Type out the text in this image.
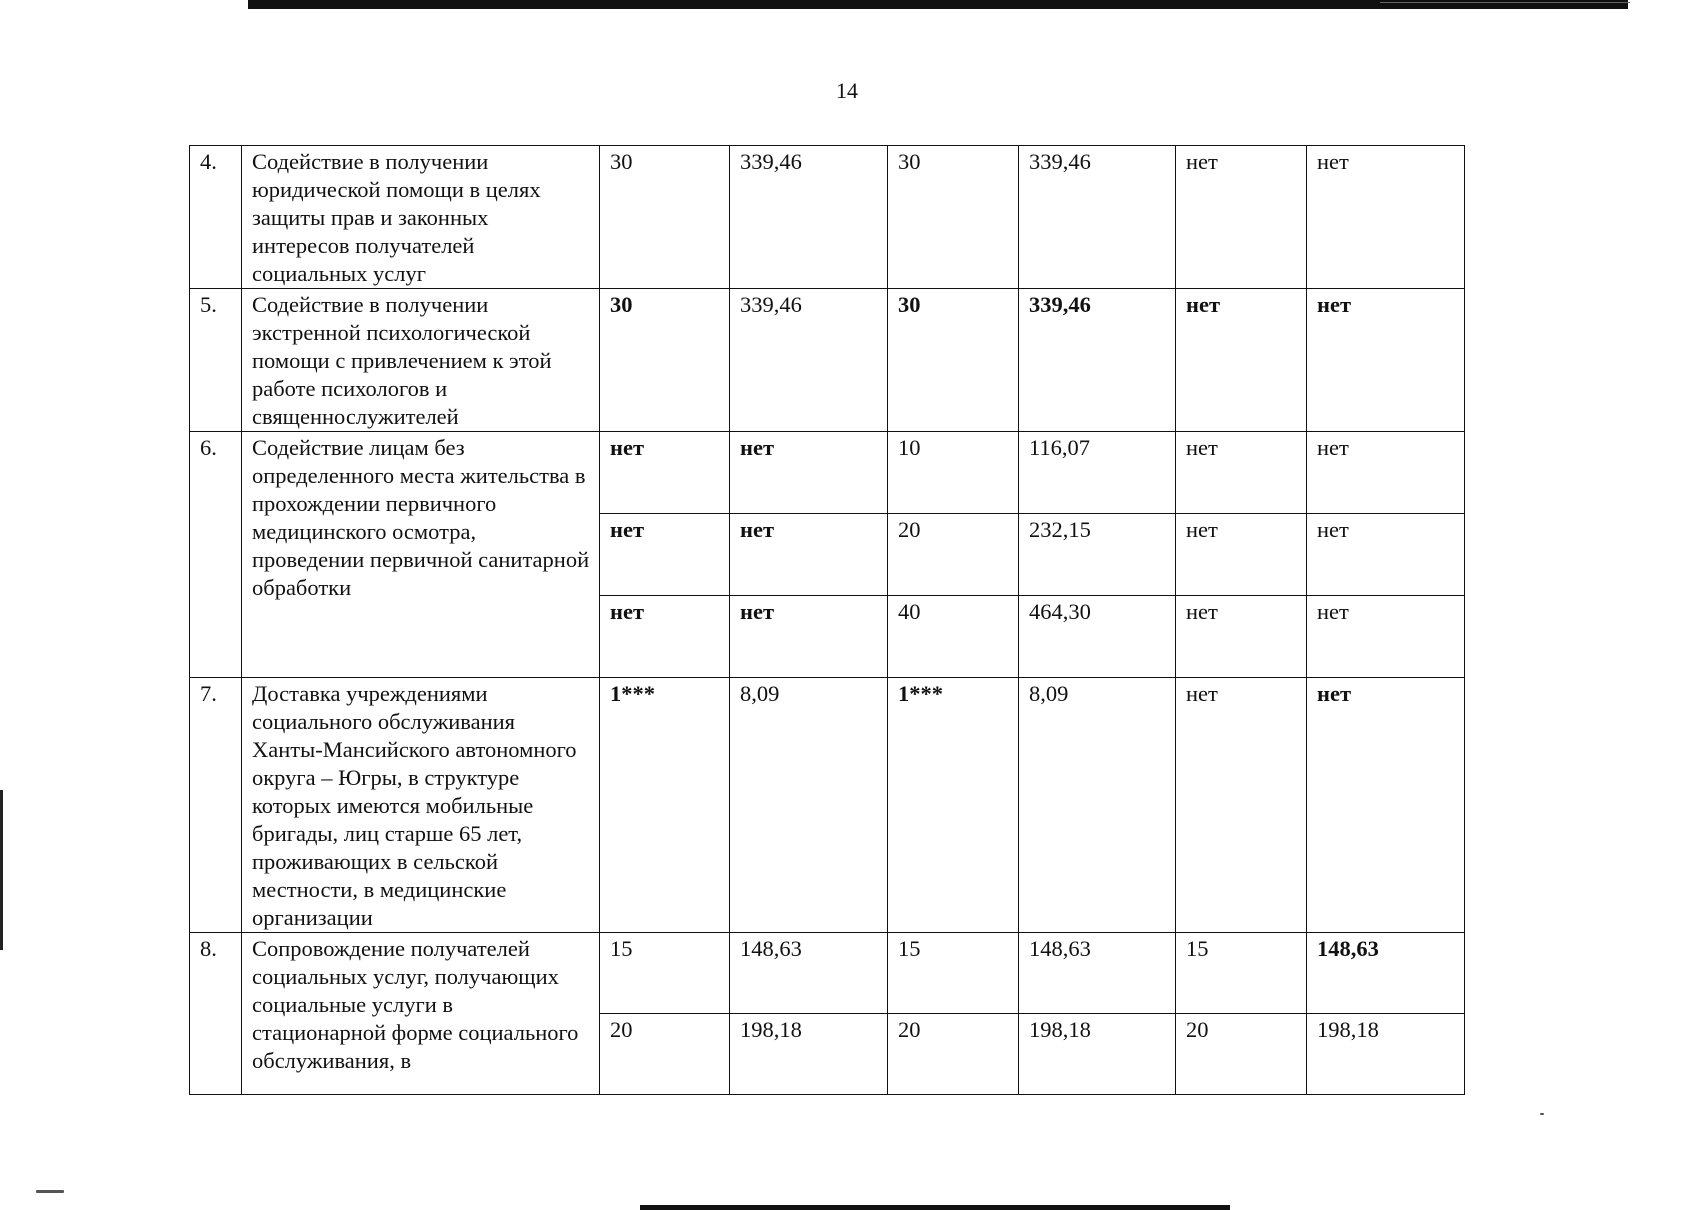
14
4.	Содействие в получении юридической помощи в целях защиты прав и законных интересов получателей социальных услуг	30	339,46	30	339,46	нет	нет
5.	Содействие в получении экстренной психологической помощи с привлечением к этой работе психологов и священнослужителей	30	339,46	30	339,46	нет	нет
6.	Содействие лицам без определенного места жительства в прохождении первичного медицинского осмотра, проведении первичной санитарной обработки	нет	нет	10	116,07	нет	нет
		нет	нет	20	232,15	нет	нет
		нет	нет	40	464,30	нет	нет
7.	Доставка учреждениями социального обслуживания Ханты-Мансийского автономного округа – Югры, в структуре которых имеются мобильные бригады, лиц старше 65 лет, проживающих в сельской местности, в медицинские организации	1***	8,09	1***	8,09	нет	нет
8.	Сопровождение получателей социальных услуг, получающих социальные услуги в стационарной форме социального обслуживания, в	15	148,63	15	148,63	15	148,63
		20	198,18	20	198,18	20	198,18
